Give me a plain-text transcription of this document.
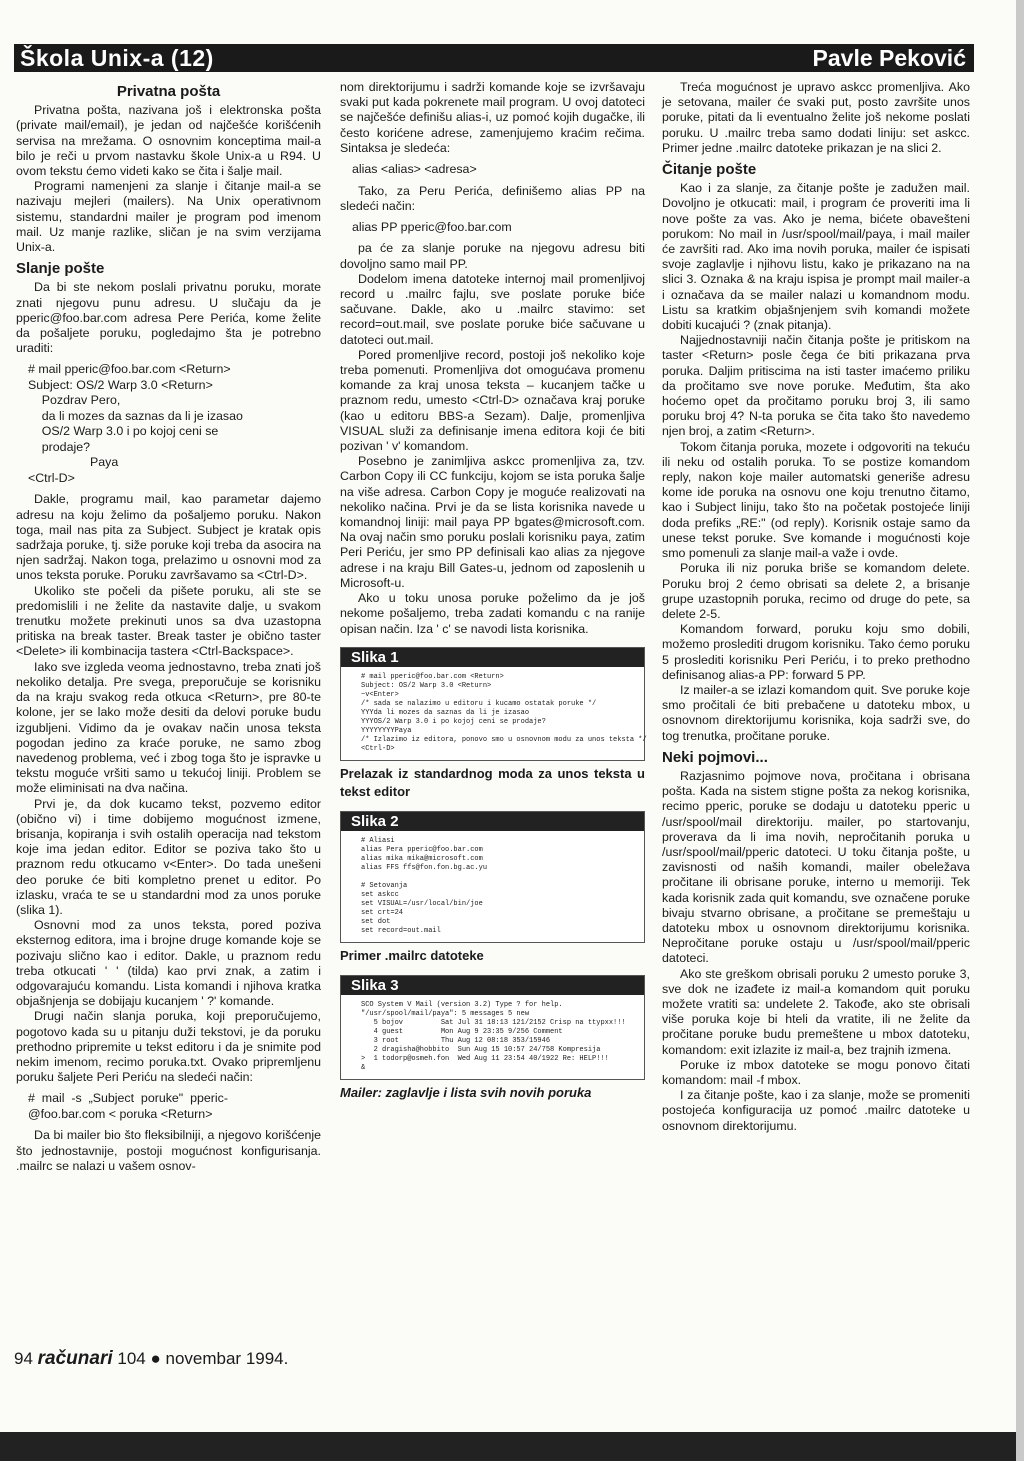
Škola Unix-a (12)	Pavle Peković
Privatna pošta

Privatna pošta, nazivana još i elektronska pošta (private mail/email), je jedan od najčešće korišćenih servisa na mrežama. O osnovnim konceptima mail-a bilo je reči u prvom nastavku škole Unix-a u R94. U ovom tekstu ćemo videti kako se čita i šalje mail.

Programi namenjeni za slanje i čitanje mail-a se nazivaju mejleri (mailers). Na Unix operativnom sistemu, standardni mailer je program pod imenom mail. Uz manje razlike, sličan je na svim verzijama Unix-a.

Slanje pošte

Da bi ste nekom poslali privatnu poruku, morate znati njegovu punu adresu. U slučaju da je pperic@foo.bar.com adresa Pere Perića, kome želite da pošaljete poruku, pogledajmo šta je potrebno uraditi:

# mail pperic@foo.bar.com <Return>
Subject: OS/2 Warp 3.0 <Return>
Pozdrav Pero,
da li mozes da saznas da li je izasao
OS/2 Warp 3.0 i po kojoj ceni se
prodaje?
Paya
<Ctrl-D>

Dakle, programu mail, kao parametar dajemo adresu na koju želimo da pošaljemo poruku. Nakon toga, mail nas pita za Subject. Subject je kratak opis sadržaja poruke, tj. siže poruke koji treba da asocira na njen sadržaj. Nakon toga, prelazimo u osnovni mod za unos teksta poruke. Poruku završavamo sa <Ctrl-D>.

Ukoliko ste počeli da pišete poruku, ali ste se predomislili i ne želite da nastavite dalje, u svakom trenutku možete prekinuti unos sa dva uzastopna pritiska na break taster. Break taster je obično taster <Delete> ili kombinacija tastera <Ctrl-Backspace>.

Iako sve izgleda veoma jednostavno, treba znati još nekoliko detalja. Pre svega, preporučuje se korisniku da na kraju svakog reda otkuca <Return>, pre 80-te kolone, jer se lako može desiti da delovi poruke budu izgubljeni. Vidimo da je ovakav način unosa teksta pogodan jedino za kraće poruke, ne samo zbog navedenog problema, već i zbog toga što je ispravke u tekstu moguće vršiti samo u tekućoj liniji. Problem se može eliminisati na dva načina.

Prvi je, da dok kucamo tekst, pozvemo editor (obično vi) i time dobijemo mogućnost izmene, brisanja, kopiranja i svih ostalih operacija nad tekstom koje ima jedan editor. Editor se poziva tako što u praznom redu otkucamo v<Enter>. Do tada unešeni deo poruke će biti kompletno prenet u editor. Po izlasku, vraća te se u standardni mod za unos poruke (slika 1).

Osnovni mod za unos teksta, pored poziva eksternog editora, ima i brojne druge komande koje se pozivaju slično kao i editor. Dakle, u praznom redu treba otkucati ' ' (tilda) kao prvi znak, a zatim i odgovarajuću komandu. Lista komandi i njihova kratka objašnjenja se dobijaju kucanjem ' ?' komande.

Drugi način slanja poruka, koji preporučujemo, pogotovo kada su u pitanju duži tekstovi, je da poruku prethodno pripremite u tekst editoru i da je snimite pod nekim imenom, recimo poruka.txt. Ovako pripremljenu poruku šaljete Peri Periću na sledeći način:

#  mail  -s  „Subject  poruke"  pperic-
@foo.bar.com < poruka <Return>

Da bi mailer bio što fleksibilniji, a njegovo korišćenje što jednostavnije, postoji mogućnost konfigurisanja. .mailrc se nalazi u vašem osnov-

nom direktorijumu i sadrži komande koje se izvršavaju svaki put kada pokrenete mail program. U ovoj datoteci se najčešće definišu alias-i, uz pomoć kojih dugačke, ili često korićene adrese, zamenjujemo kraćim rečima. Sintaksa je sledeća:

alias <alias> <adresa>

Tako, za Peru Perića, definišemo alias PP na sledeći način:

alias PP pperic@foo.bar.com

pa će za slanje poruke na njegovu adresu biti dovoljno samo mail PP.

Dodelom imena datoteke internoj mail promenljivoj record u .mailrc fajlu, sve poslate poruke biće sačuvane. Dakle, ako u .mailrc stavimo: set record=out.mail, sve poslate poruke biće sačuvane u datoteci out.mail.

Pored promenljive record, postoji još nekoliko koje treba pomenuti. Promenljiva dot omogućava promenu komande za kraj unosa teksta – kucanjem tačke u praznom redu, umesto <Ctrl-D> označava kraj poruke (kao u editoru BBS-a Sezam). Dalje, promenljiva VISUAL služi za definisanje imena editora koji će biti pozivan ' v' komandom.

Posebno je zanimljiva askcc promenljiva za, tzv. Carbon Copy ili CC funkciju, kojom se ista poruka šalje na više adresa. Carbon Copy je moguće realizovati na nekoliko načina. Prvi je da se lista korisnika navede u komandnoj liniji: mail paya PP bgates@microsoft.com. Na ovaj način smo poruku poslali korisniku paya, zatim Peri Periću, jer smo PP definisali kao alias za njegove adrese i na kraju Bill Gates-u, jednom od zaposlenih u Microsoft-u.

Ako u toku unosa poruke poželimo da je još nekome pošaljemo, treba zadati komandu c na ranije opisan način. Iza ' c' se navodi lista korisnika.

Slika 1
# mail pperic@foo.bar.com <Return>
Subject: OS/2 Warp 3.0 <Return>
~v<Enter>
/* sada se nalazimo u editoru i kucamo ostatak poruke */
YYYda li mozes da saznas da li je izasao
YYYOS/2 Warp 3.0 i po kojoj ceni se prodaje?
YYYYYYYYPaya
/* Izlazimo iz editora, ponovo smo u osnovnom modu za unos teksta */
<Ctrl-D>
Prelazak iz standardnog moda za unos teksta u tekst editor
Slika 2
# Aliasi
alias Pera pperic@foo.bar.com
alias mika mika@microsoft.com
alias FFS ffs@fon.fon.bg.ac.yu

# Setovanja
set askcc
set VISUAL=/usr/local/bin/joe
set crt=24
set dot
set record=out.mail
Primer .mailrc datoteke
Slika 3
SCO System V Mail (version 3.2) Type ? for help.
"/usr/spool/mail/paya": 5 messages 5 new
5 bojov         Sat Jul 31 18:13 121/2152 Crisp na ttypxx!!!
4 guest         Mon Aug 9 23:35 9/256 Comment
3 root          Thu Aug 12 08:18 353/15946
2 dragisha@hobbito  Sun Aug 15 10:57 24/758 Kompresija
>  1 todorp@osmeh.fon  Wed Aug 11 23:54 40/1922 Re: HELP!!!
&
Mailer: zaglavlje i lista svih novih poruka

Treća mogućnost je upravo askcc promenljiva. Ako je setovana, mailer će svaki put, posto završite unos poruke, pitati da li eventualno želite još nekome poslati poruku. U .mailrc treba samo dodati liniju: set askcc. Primer jedne .mailrc datoteke prikazan je na slici 2.

Čitanje pošte

Kao i za slanje, za čitanje pošte je zadužen mail. Dovoljno je otkucati: mail, i program će proveriti ima li nove pošte za vas. Ako je nema, bićete obavešteni porukom: No mail in /usr/spool/mail/paya, i mail mailer će završiti rad. Ako ima novih poruka, mailer će ispisati svoje zaglavlje i njihovu listu, kako je prikazano na na slici 3. Oznaka & na kraju ispisa je prompt mail mailer-a i označava da se mailer nalazi u komandnom modu. Listu sa kratkim objašnjenjem svih komandi možete dobiti kucajući ? (znak pitanja).

Najjednostavniji način čitanja pošte je pritiskom na taster <Return> posle čega će biti prikazana prva poruka. Daljim pritiscima na isti taster imaćemo priliku da pročitamo sve nove poruke. Međutim, šta ako hoćemo opet da pročitamo poruku broj 3, ili samo poruku broj 4? N-ta poruka se čita tako što navedemo njen broj, a zatim <Return>.

Tokom čitanja poruka, mozete i odgovoriti na tekuću ili neku od ostalih poruka. To se postize komandom reply, nakon koje mailer automatski generiše adresu kome ide poruka na osnovu one koju trenutno čitamo, kao i Subject liniju, tako što na početak postojeće liniji doda prefiks „RE:" (od reply). Korisnik ostaje samo da unese tekst poruke. Sve komande i mogućnosti koje smo pomenuli za slanje mail-a važe i ovde.

Poruka ili niz poruka briše se komandom delete. Poruku broj 2 ćemo obrisati sa delete 2, a brisanje grupe uzastopnih poruka, recimo od druge do pete, sa delete 2-5.

Komandom forward, poruku koju smo dobili, možemo proslediti drugom korisniku. Tako ćemo poruku 5 proslediti korisniku Peri Periću, i to preko prethodno definisanog alias-a PP: forward 5 PP.

Iz mailer-a se izlazi komandom quit. Sve poruke koje smo pročitali će biti prebačene u datoteku mbox, u osnovnom direktorijumu korisnika, koja sadrži sve, do tog trenutka, pročitane poruke.

Neki pojmovi...

Razjasnimo pojmove nova, pročitana i obrisana pošta. Kada na sistem stigne pošta za nekog korisnika, recimo pperic, poruke se dodaju u datoteku pperic u /usr/spool/mail direktoriju. mailer, po startovanju, proverava da li ima novih, nepročitanih poruka u /usr/spool/mail/pperic datoteci. U toku čitanja pošte, u zavisnosti od naših komandi, mailer obeležava pročitane ili obrisane poruke, interno u memoriji. Tek kada korisnik zada quit komandu, sve označene poruke bivaju stvarno obrisane, a pročitane se premeštaju u datoteku mbox u osnovnom direktorijumu korisnika. Nepročitane poruke ostaju u /usr/spool/mail/pperic datoteci.

Ako ste greškom obrisali poruku 2 umesto poruke 3, sve dok ne izađete iz mail-a komandom quit poruku možete vratiti sa: undelete 2. Takođe, ako ste obrisali više poruka koje bi hteli da vratite, ili ne želite da pročitane poruke budu premeštene u mbox datoteku, komandom: exit izlazite iz mail-a, bez trajnih izmena.

Poruke iz mbox datoteke se mogu ponovo čitati komandom: mail -f mbox.

I za čitanje pošte, kao i za slanje, može se promeniti postojeća konfiguracija uz pomoć .mailrc datoteke u osnovnom direktorijumu.

94 računari 104 ● novembar 1994.
